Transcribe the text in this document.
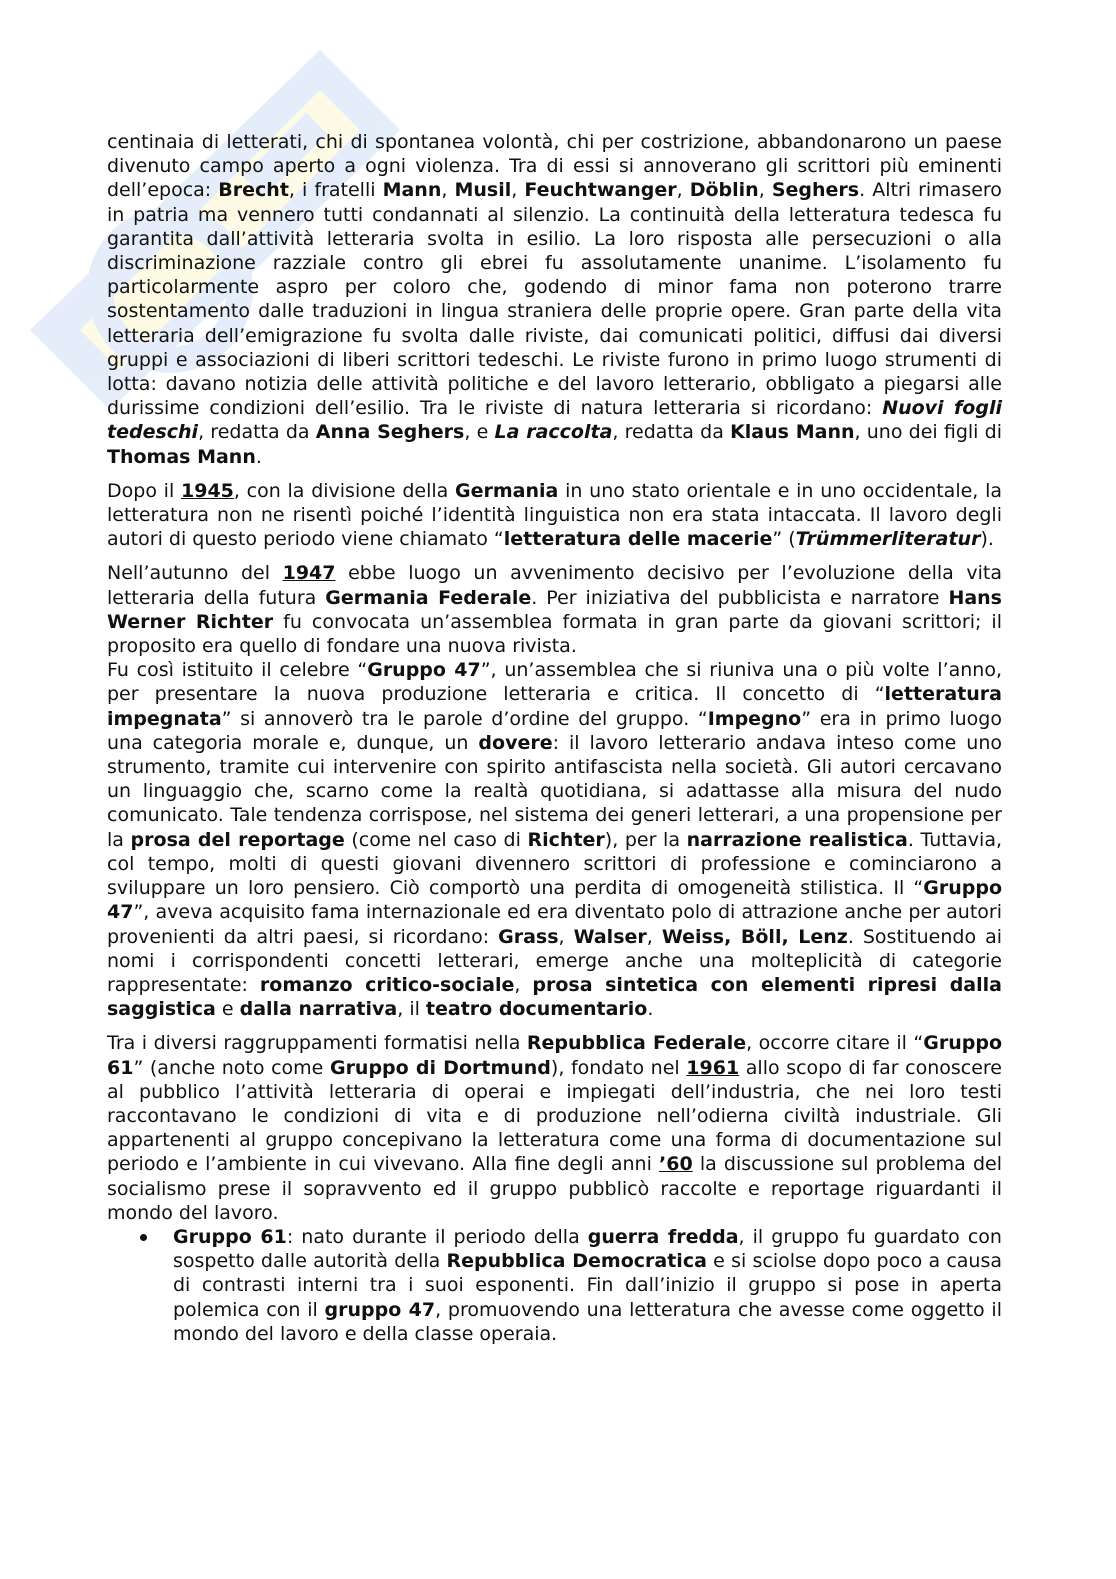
centinaia di letterati, chi di spontanea volontà, chi per costrizione, abbandonarono un paese divenuto campo aperto a ogni violenza. Tra di essi si annoverano gli scrittori più eminenti dell’epoca: Brecht, i fratelli Mann, Musil, Feuchtwanger, Döblin, Seghers. Altri rimasero in patria ma vennero tutti condannati al silenzio. La continuità della letteratura tedesca fu garantita dall’attività letteraria svolta in esilio. La loro risposta alle persecuzioni o alla discriminazione razziale contro gli ebrei fu assolutamente unanime. L’isolamento fu particolarmente aspro per coloro che, godendo di minor fama non poterono trarre sostentamento dalle traduzioni in lingua straniera delle proprie opere. Gran parte della vita letteraria dell’emigrazione fu svolta dalle riviste, dai comunicati politici, diffusi dai diversi gruppi e associazioni di liberi scrittori tedeschi. Le riviste furono in primo luogo strumenti di lotta: davano notizia delle attività politiche e del lavoro letterario, obbligato a piegarsi alle durissime condizioni dell’esilio. Tra le riviste di natura letteraria si ricordano: Nuovi fogli tedeschi, redatta da Anna Seghers, e La raccolta, redatta da Klaus Mann, uno dei figli di Thomas Mann.

Dopo il 1945, con la divisione della Germania in uno stato orientale e in uno occidentale, la letteratura non ne risentì poiché l’identità linguistica non era stata intaccata. Il lavoro degli autori di questo periodo viene chiamato “letteratura delle macerie” (Trümmerliteratur).

Nell’autunno del 1947 ebbe luogo un avvenimento decisivo per l’evoluzione della vita letteraria della futura Germania Federale. Per iniziativa del pubblicista e narratore Hans Werner Richter fu convocata un’assemblea formata in gran parte da giovani scrittori; il proposito era quello di fondare una nuova rivista.

Fu così istituito il celebre “Gruppo 47”, un’assemblea che si riuniva una o più volte l’anno, per presentare la nuova produzione letteraria e critica. Il concetto di “letteratura impegnata” si annoverò tra le parole d’ordine del gruppo. “Impegno” era in primo luogo una categoria morale e, dunque, un dovere: il lavoro letterario andava inteso come uno strumento, tramite cui intervenire con spirito antifascista nella società. Gli autori cercavano un linguaggio che, scarno come la realtà quotidiana, si adattasse alla misura del nudo comunicato. Tale tendenza corrispose, nel sistema dei generi letterari, a una propensione per la prosa del reportage (come nel caso di Richter), per la narrazione realistica. Tuttavia, col tempo, molti di questi giovani divennero scrittori di professione e cominciarono a sviluppare un loro pensiero. Ciò comportò una perdita di omogeneità stilistica. Il “Gruppo 47”, aveva acquisito fama internazionale ed era diventato polo di attrazione anche per autori provenienti da altri paesi, si ricordano: Grass, Walser, Weiss, Böll, Lenz. Sostituendo ai nomi i corrispondenti concetti letterari, emerge anche una molteplicità di categorie rappresentate: romanzo critico-sociale, prosa sintetica con elementi ripresi dalla saggistica e dalla narrativa, il teatro documentario.

Tra i diversi raggruppamenti formatisi nella Repubblica Federale, occorre citare il “Gruppo 61” (anche noto come Gruppo di Dortmund), fondato nel 1961 allo scopo di far conoscere al pubblico l’attività letteraria di operai e impiegati dell’industria, che nei loro testi raccontavano le condizioni di vita e di produzione nell’odierna civiltà industriale. Gli appartenenti al gruppo concepivano la letteratura come una forma di documentazione sul periodo e l’ambiente in cui vivevano. Alla fine degli anni ’60 la discussione sul problema del socialismo prese il sopravvento ed il gruppo pubblicò raccolte e reportage riguardanti il mondo del lavoro.

Gruppo 61: nato durante il periodo della guerra fredda, il gruppo fu guardato con sospetto dalle autorità della Repubblica Democratica e si sciolse dopo poco a causa di contrasti interni tra i suoi esponenti. Fin dall’inizio il gruppo si pose in aperta polemica con il gruppo 47, promuovendo una letteratura che avesse come oggetto il mondo del lavoro e della classe operaia.
